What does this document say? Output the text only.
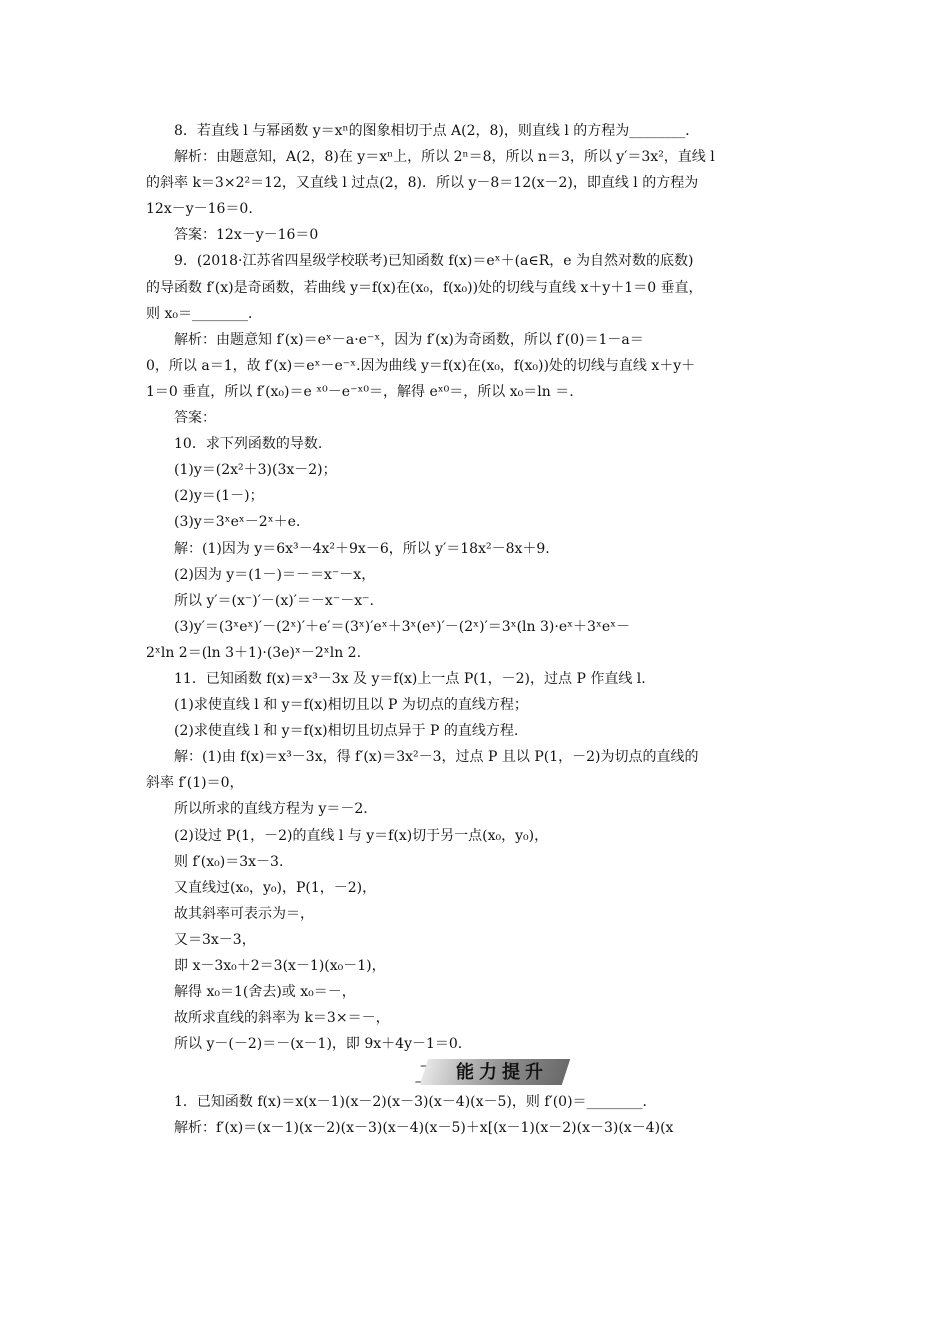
8．若直线 l 与幂函数 y＝xⁿ的图象相切于点 A(2，8)，则直线 l 的方程为________．
解析：由题意知，A(2，8)在 y＝xⁿ上，所以 2ⁿ＝8，所以 n＝3，所以 y′＝3x²，直线 l
的斜率 k＝3×2²＝12，又直线 l 过点(2，8)．所以 y－8＝12(x－2)，即直线 l 的方程为
12x－y－16＝0.
答案：12x－y－16＝0
9．(2018·江苏省四星级学校联考)已知函数 f(x)＝eˣ＋(a∈R，e 为自然对数的底数)
的导函数 f′(x)是奇函数，若曲线 y＝f(x)在(x₀，f(x₀))处的切线与直线 x＋y＋1＝0 垂直，
则 x₀＝________．
解析：由题意知 f′(x)＝eˣ－a·e⁻ˣ，因为 f′(x)为奇函数，所以 f′(0)＝1－a＝
0，所以 a＝1，故 f′(x)＝eˣ－e⁻ˣ.因为曲线 y＝f(x)在(x₀，f(x₀))处的切线与直线 x＋y＋
1＝0 垂直，所以 f′(x₀)＝e ˣ⁰－e⁻ˣ⁰＝，解得 eˣ⁰＝，所以 x₀＝ln ＝.
答案：
10．求下列函数的导数.
(1)y＝(2x²＋3)(3x－2)；
(2)y＝(1－)；
(3)y＝3ˣeˣ－2ˣ＋e.
解：(1)因为 y＝6x³－4x²＋9x－6，所以 y′＝18x²－8x＋9.
(2)因为 y＝(1－)＝－＝x⁻－x，
所以 y′＝(x⁻)′－(x)′＝－x⁻－x⁻.
(3)y′＝(3ˣeˣ)′－(2ˣ)′＋e′＝(3ˣ)′eˣ＋3ˣ(eˣ)′－(2ˣ)′＝3ˣ(ln 3)·eˣ＋3ˣeˣ－
2ˣln 2＝(ln 3＋1)·(3e)ˣ－2ˣln 2.
11．已知函数 f(x)＝x³－3x 及 y＝f(x)上一点 P(1，－2)，过点 P 作直线 l.
(1)求使直线 l 和 y＝f(x)相切且以 P 为切点的直线方程；
(2)求使直线 l 和 y＝f(x)相切且切点异于 P 的直线方程.
解：(1)由 f(x)＝x³－3x，得 f′(x)＝3x²－3，过点 P 且以 P(1，－2)为切点的直线的
斜率 f′(1)＝0，
所以所求的直线方程为 y＝－2.
(2)设过 P(1，－2)的直线 l 与 y＝f(x)切于另一点(x₀，y₀)，
则 f′(x₀)＝3x－3.
又直线过(x₀，y₀)，P(1，－2)，
故其斜率可表示为＝，
又＝3x－3，
即 x－3x₀＋2＝3(x－1)(x₀－1)，
解得 x₀＝1(舍去)或 x₀＝－，
故所求直线的斜率为 k＝3×＝－，
所以 y－(－2)＝－(x－1)，即 9x＋4y－1＝0.
能力提升
1．已知函数 f(x)＝x(x－1)(x－2)(x－3)(x－4)(x－5)，则 f′(0)＝________．
解析：f′(x)＝(x－1)(x－2)(x－3)(x－4)(x－5)＋x[(x－1)(x－2)(x－3)(x－4)(x
